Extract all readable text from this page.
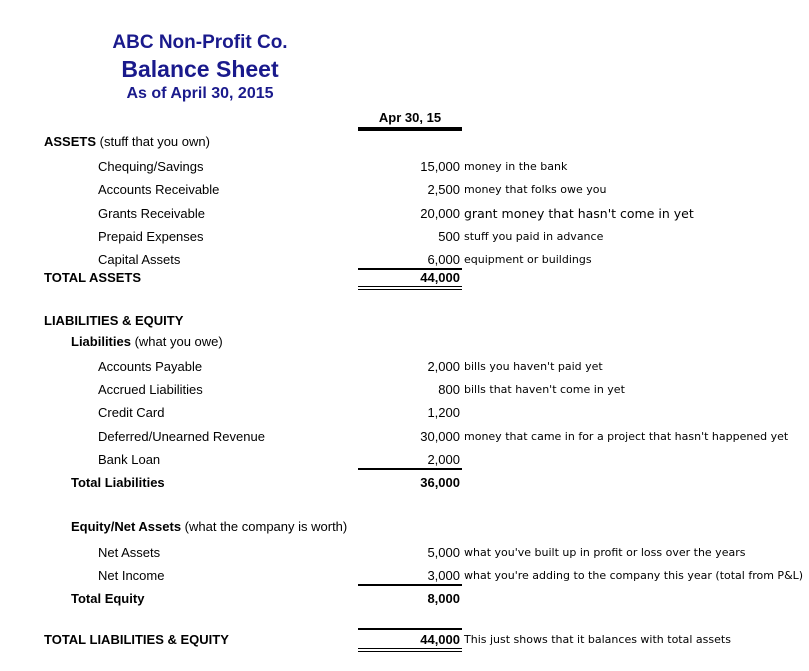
ABC Non-Profit Co.
Balance Sheet
As of April 30, 2015
Apr 30, 15
ASSETS (stuff that you own)
Chequing/Savings	15,000 money in the bank
Accounts Receivable	2,500 money that folks owe you
Grants Receivable	20,000 grant money that hasn't come in yet
Prepaid Expenses	500 stuff you paid in advance
Capital Assets	6,000 equipment or buildings
TOTAL ASSETS	44,000
LIABILITIES & EQUITY
Liabilities (what you owe)
Accounts Payable	2,000 bills you haven't paid yet
Accrued Liabilities	800 bills that haven't come in yet
Credit Card	1,200
Deferred/Unearned Revenue	30,000 money that came in for a project that hasn't happened yet
Bank Loan	2,000
Total Liabilities	36,000
Equity/Net Assets (what the company is worth)
Net Assets	5,000 what you've built up in profit or loss over the years
Net Income	3,000 what you're adding to the company this year (total from P&L)
Total Equity	8,000
TOTAL LIABILITIES & EQUITY	44,000 This just shows that it balances with total assets
